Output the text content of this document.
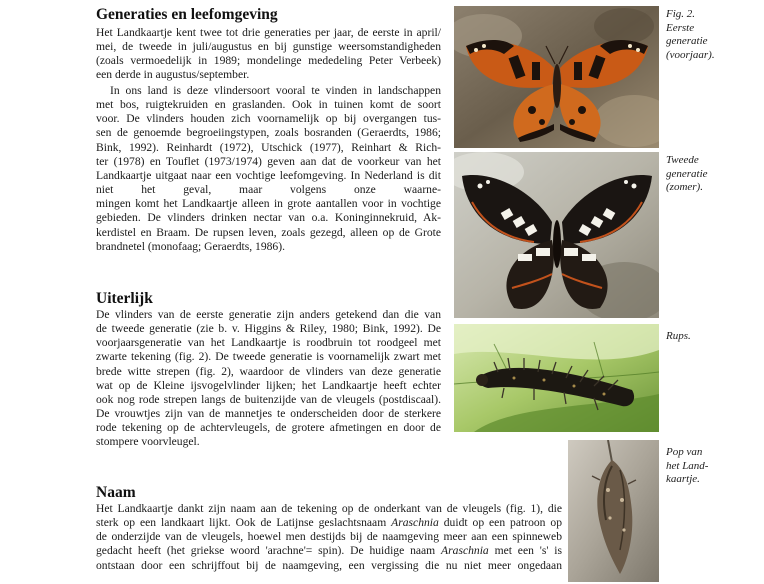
Generaties en leefomgeving
Het Landkaartje kent twee tot drie generaties per jaar, de eerste in april/
mei, de tweede in juli/augustus en bij gunstige weersomstandigheden
(zoals vermoedelijk in 1989; mondelinge mededeling Peter Verbeek)
een derde in augustus/september.
In ons land is deze vlindersoort vooral te vinden in landschappen
met bos, ruigtekruiden en graslanden. Ook in tuinen komt de soort
voor. De vlinders houden zich voornamelijk op bij overgangen tus-
sen de genoemde begroeiingstypen, zoals bosranden (Geraerdts, 1986;
Bink, 1992). Reinhardt (1972), Utschick (1977), Reinhart & Rich-
ter (1978) en Touflet (1973/1974) geven aan dat de voorkeur van het
Landkaartje uitgaat naar een vochtige leefomgeving. In Nederland is dit
niet het geval, maar volgens onze waarne-
mingen komt het Landkaartje alleen in grote aantallen voor in vochtige
gebieden. De vlinders drinken nectar van o.a. Koninginnekruid, Ak-
kerdistel en Braam. De rupsen leven, zoals gezegd, alleen op de Grote
brandnetel (monofaag; Geraerdts, 1986).
Uiterlijk
De vlinders van de eerste generatie zijn anders getekend dan die van
de tweede generatie (zie b. v. Higgins & Riley, 1980; Bink, 1992). De
voorjaarsgeneratie van het Landkaartje is roodbruin tot roodgeel met
zwarte tekening (fig. 2). De tweede generatie is voornamelijk zwart met
brede witte strepen (fig. 2), waardoor de vlinders van deze generatie
wat op de Kleine ijsvogelvlinder lijken; het Landkaartje heeft echter
ook nog rode strepen langs de buitenzijde van de vleugels (postdiscaal).
De vrouwtjes zijn van de mannetjes te onderscheiden door de sterkere
rode tekening op de achtervleugels, de grotere afmetingen en door de
stompere voorvleugel.
Naam
Het Landkaartje dankt zijn naam aan de tekening op de onderkant van de vleugels (fig. 1), die
sterk op een landkaart lijkt. Ook de Latijnse geslachtsnaam Araschnia duidt op een patroon op
de onderzijde van de vleugels, hoewel men destijds bij de naamgeving meer aan een spinneweb
gedacht heeft (het griekse woord 'arachne'= spin). De huidige naam Araschnia met een 's' is
ontstaan door een schrijffout bij de naamgeving, een vergissing die nu niet meer ongedaan
Fig. 2.
Eerste
generatie
(voorjaar).
Tweede
generatie
(zomer).
Rups.
Pop van
het Land-
kaartje.
